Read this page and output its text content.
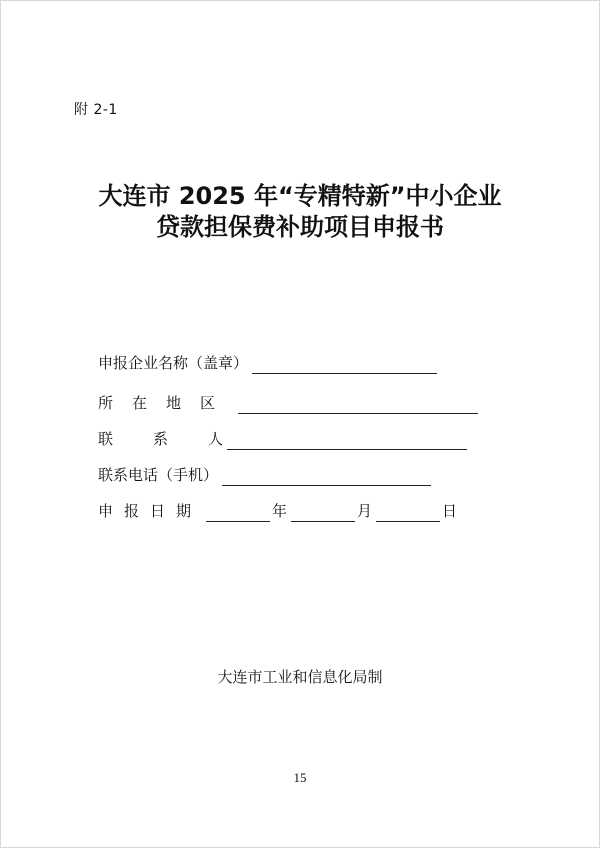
附 2-1
大连市 2025 年“专精特新”中小企业
贷款担保费补助项目申报书
申报企业名称（盖章）
所在地区
联系人
联系电话（手机）
申报日期	年	月	日
大连市工业和信息化局制
15
